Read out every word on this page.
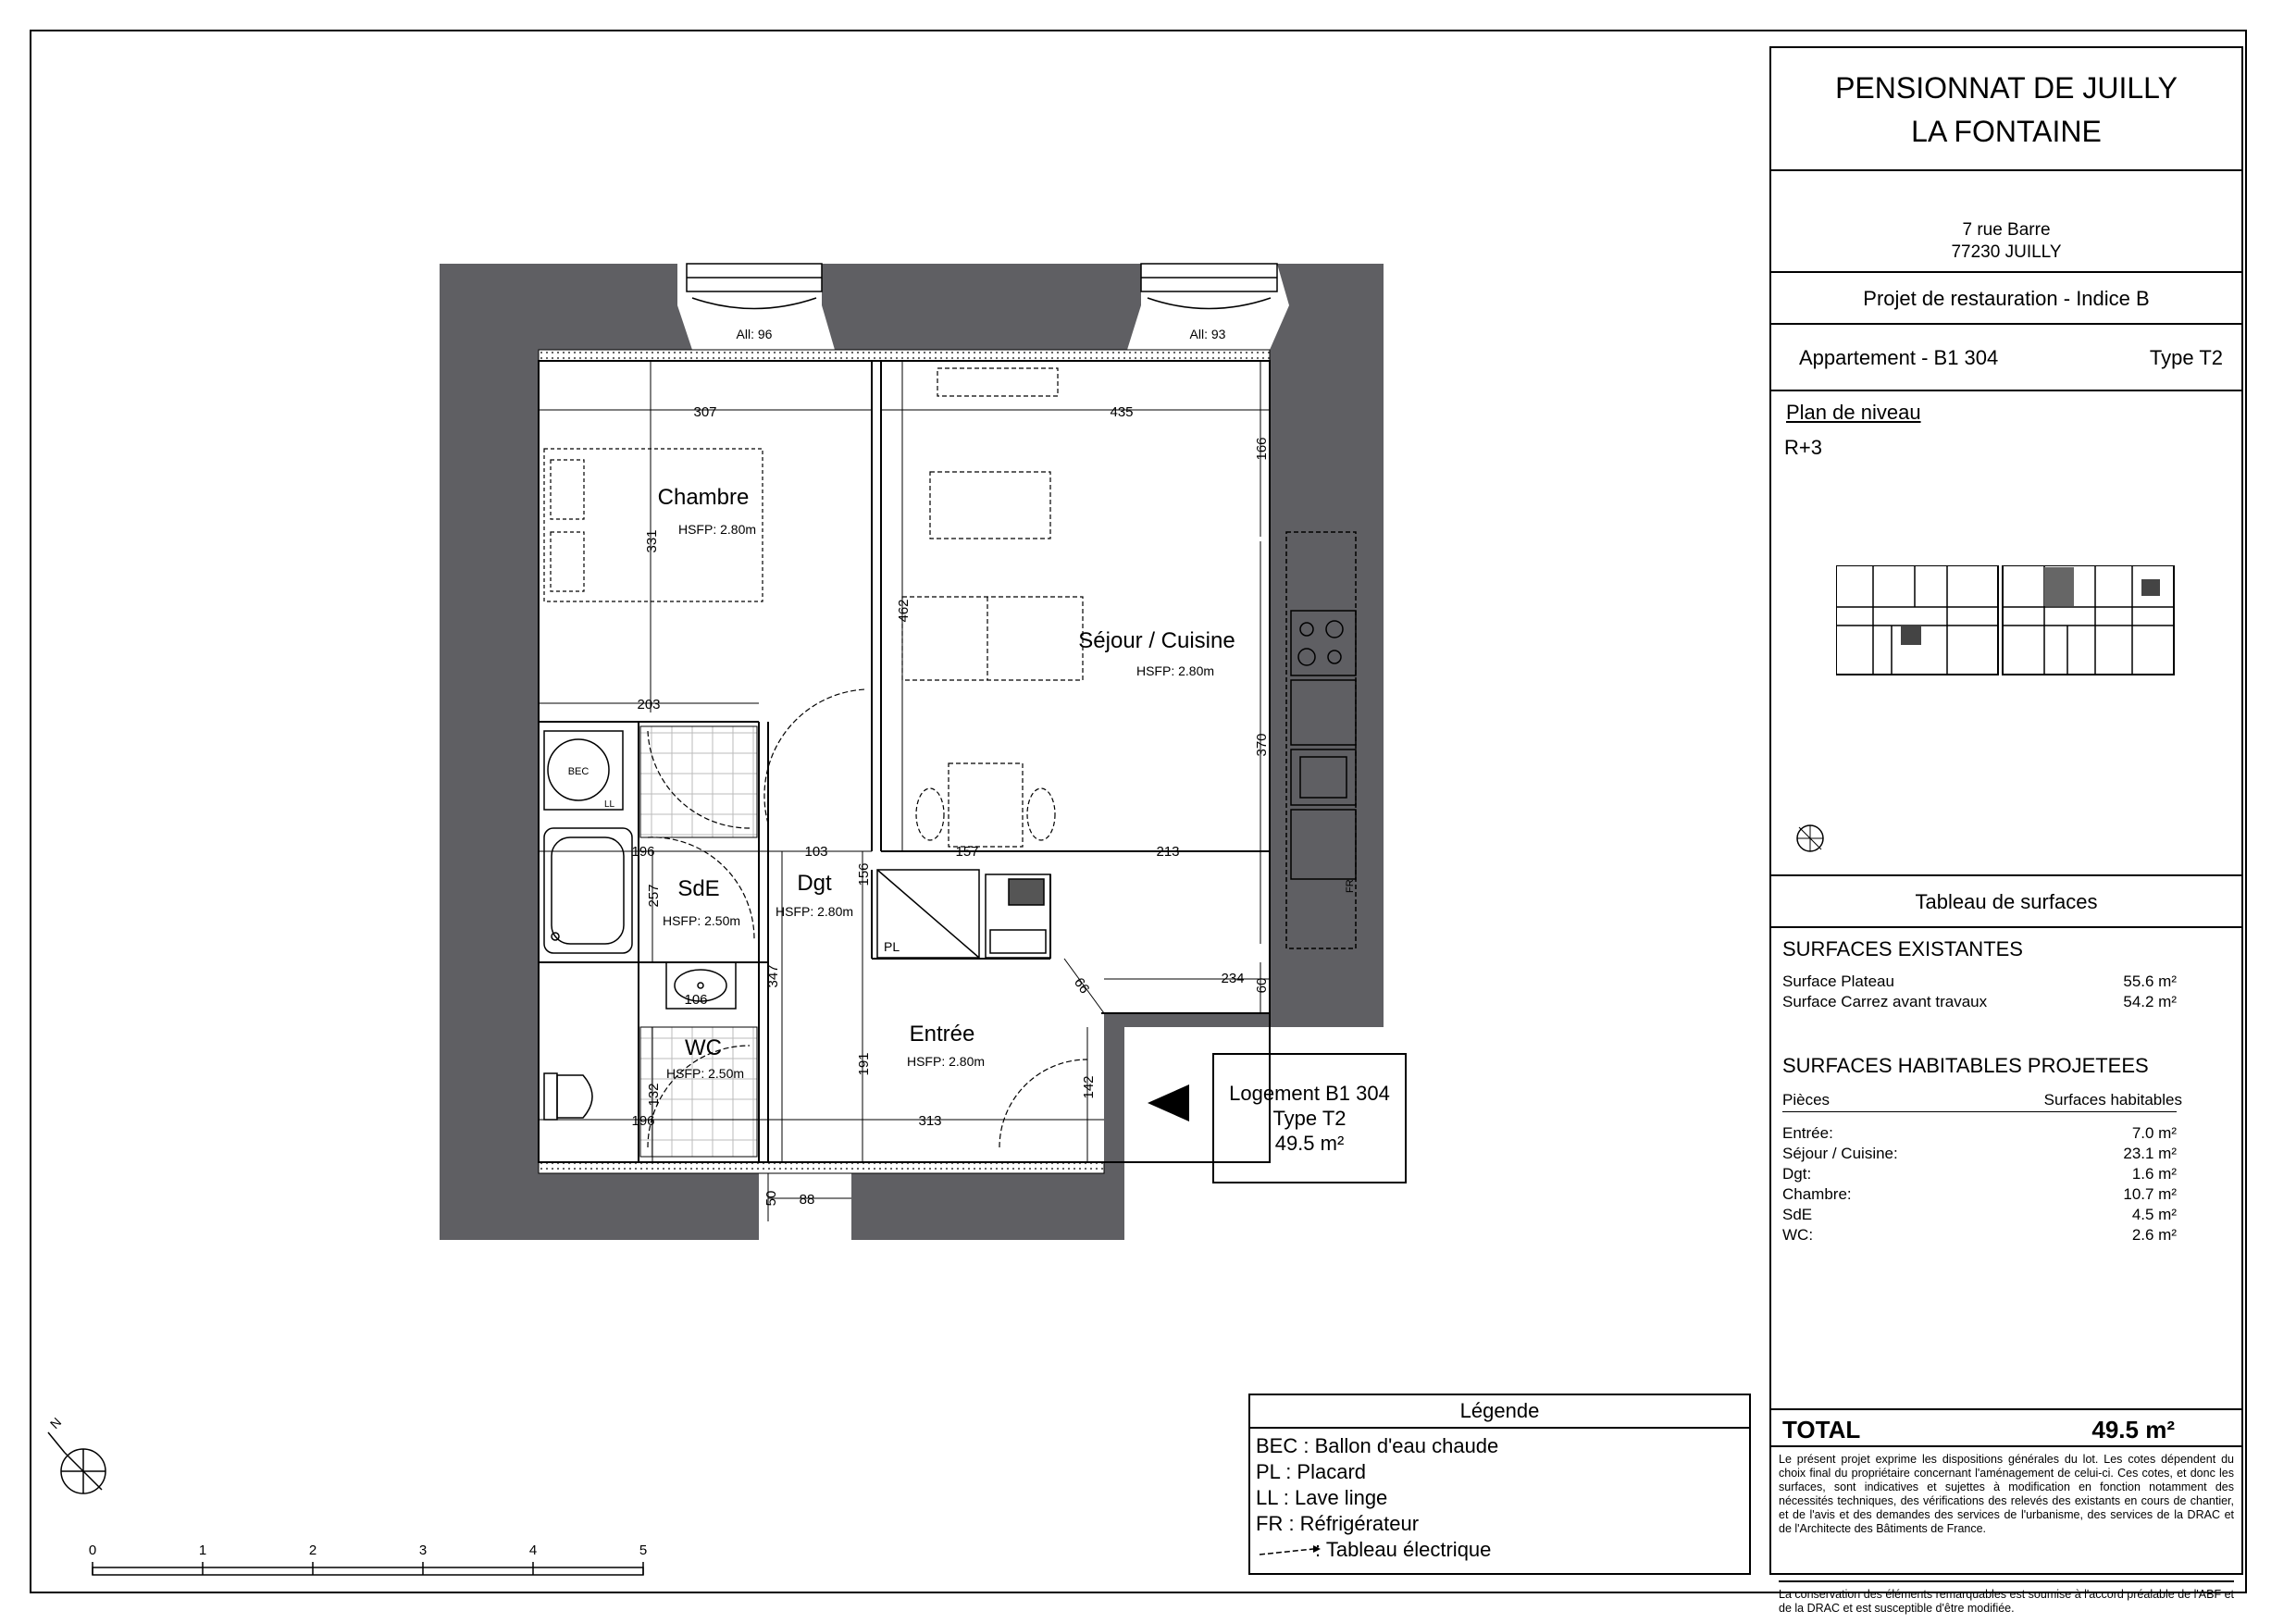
All: 96	All: 93
FR
BEC
LL
PL
307	435
166
331
462
203
370
196	103	157	213
156
257
106
347	234 60
66
191
142
132
196	313
50 88
Chambre
HSFP: 2.80m
Séjour / Cuisine
HSFP: 2.80m
Dgt
HSFP: 2.80m
SdE
HSFP: 2.50m
WC
HSFP: 2.50m
Entrée
HSFP: 2.80m
N
0	1	2	3	4	5
Logement B1 304
Type T2
49.5 m²
Légende
BEC : Ballon d'eau chaude
PL : Placard
LL : Lave linge
FR : Réfrigérateur
: Tableau électrique
PENSIONNAT DE JUILLY
LA FONTAINE
7 rue Barre
77230 JUILLY
Projet de restauration - Indice B
Appartement - B1 304	Type T2
Plan de niveau
R+3
Tableau de surfaces
SURFACES EXISTANTES
Surface Plateau	55.6 m²
Surface Carrez avant travaux	54.2 m²
SURFACES HABITABLES PROJETEES
Pièces	Surfaces habitables
Entrée:	7.0 m²
Séjour / Cuisine:	23.1 m²
Dgt:	1.6 m²
Chambre:	10.7 m²
SdE	4.5 m²
WC:	2.6 m²
TOTAL	49.5 m²
Le présent projet exprime les dispositions générales du lot. Les cotes dépendent du choix final du propriétaire concernant l'aménagement de celui-ci. Ces cotes, et donc les surfaces, sont indicatives et sujettes à modification en fonction notamment des nécessités techniques, des vérifications des relevés des existants en cours de chantier, et de l'avis et des demandes des services de l'urbanisme, des services de la DRAC et de l'Architecte des Bâtiments de France.
La conservation des éléments remarquables est soumise à l'accord préalable de l'ABF et de la DRAC et est susceptible d'être modifiée.
